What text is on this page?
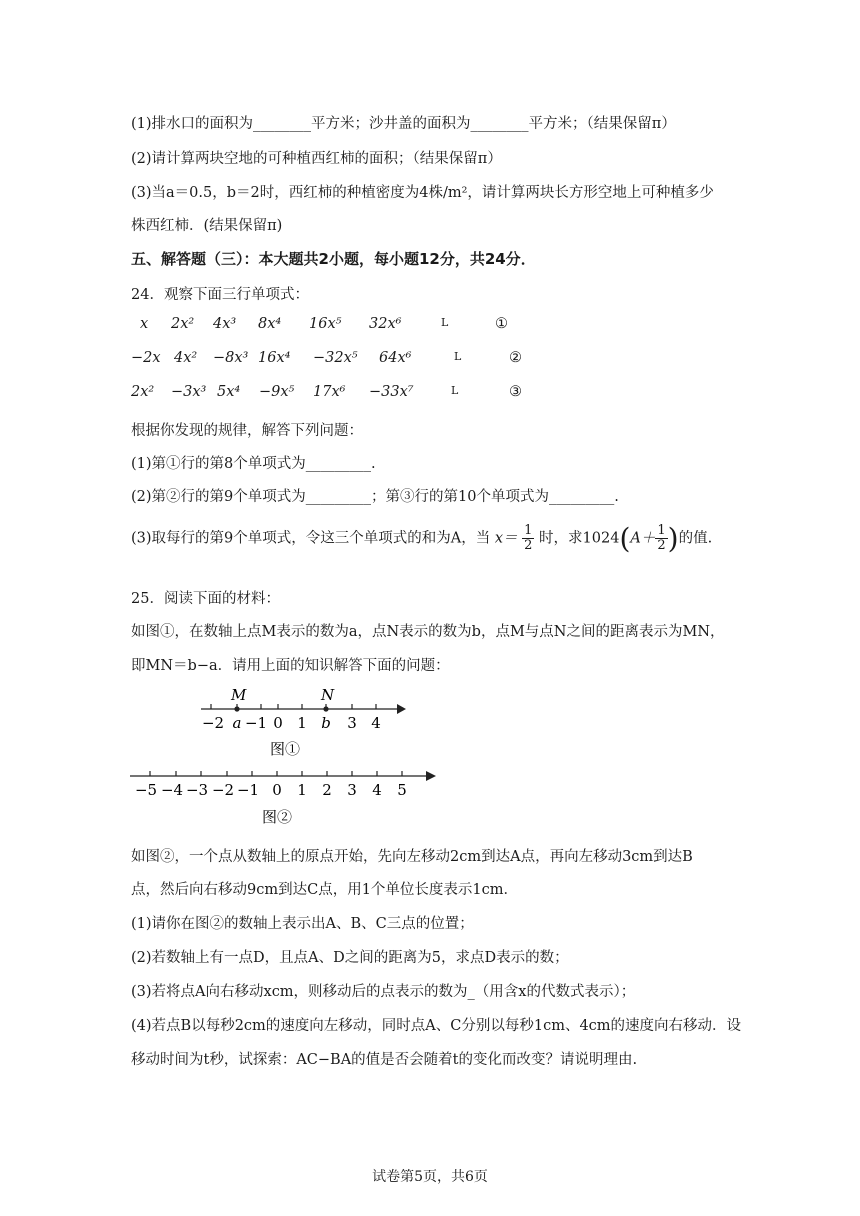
(1)排水口的面积为________平方米；沙井盖的面积为________平方米；（结果保留π）
(2)请计算两块空地的可种植西红柿的面积；（结果保留π）
(3)当a＝0.5，b＝2时，西红柿的种植密度为4株/m²，请计算两块长方形空地上可种植多少
株西红柿．(结果保留π)
五、解答题（三）：本大题共2小题，每小题12分，共24分．
24．观察下面三行单项式：
x 2x² 4x³ 8x⁴ 16x⁵ 32x⁶	L	①
−2x 4x² −8x³ 16x⁴ −32x⁵ 64x⁶	L	②
2x² −3x³ 5x⁴ −9x⁵ 17x⁶ −33x⁷	L	③
根据你发现的规律，解答下列问题：
(1)第①行的第8个单项式为_________.
(2)第②行的第9个单项式为_________；第③行的第10个单项式为_________.
(3)取每行的第9个单项式，令这三个单项式的和为A，当 $x= \frac{1}{2}$ 时，求$1024(A+ \frac{1}{2}$ )的值.
25．阅读下面的材料：
如图①，在数轴上点M表示的数为a，点N表示的数为b，点M与点N之间的距离表示为MN，
即MN＝b−a．请用上面的知识解答下面的问题：
M	N
−2 a −1 0 1 b 3 4
图①
−5 −4 −3 −2 −1 0 1 2 3 4 5
图②
如图②，一个点从数轴上的原点开始，先向左移动2cm到达A点，再向左移动3cm到达B
点，然后向右移动9cm到达C点，用1个单位长度表示1cm．
(1)请你在图②的数轴上表示出A、B、C三点的位置；
(2)若数轴上有一点D，且点A、D之间的距离为5，求点D表示的数；
(3)若将点A向右移动xcm，则移动后的点表示的数为_（用含x的代数式表示）；
(4)若点B以每秒2cm的速度向左移动，同时点A、C分别以每秒1cm、4cm的速度向右移动．设
移动时间为t秒，试探索：AC−BA的值是否会随着t的变化而改变？请说明理由.
试卷第5页，共6页
